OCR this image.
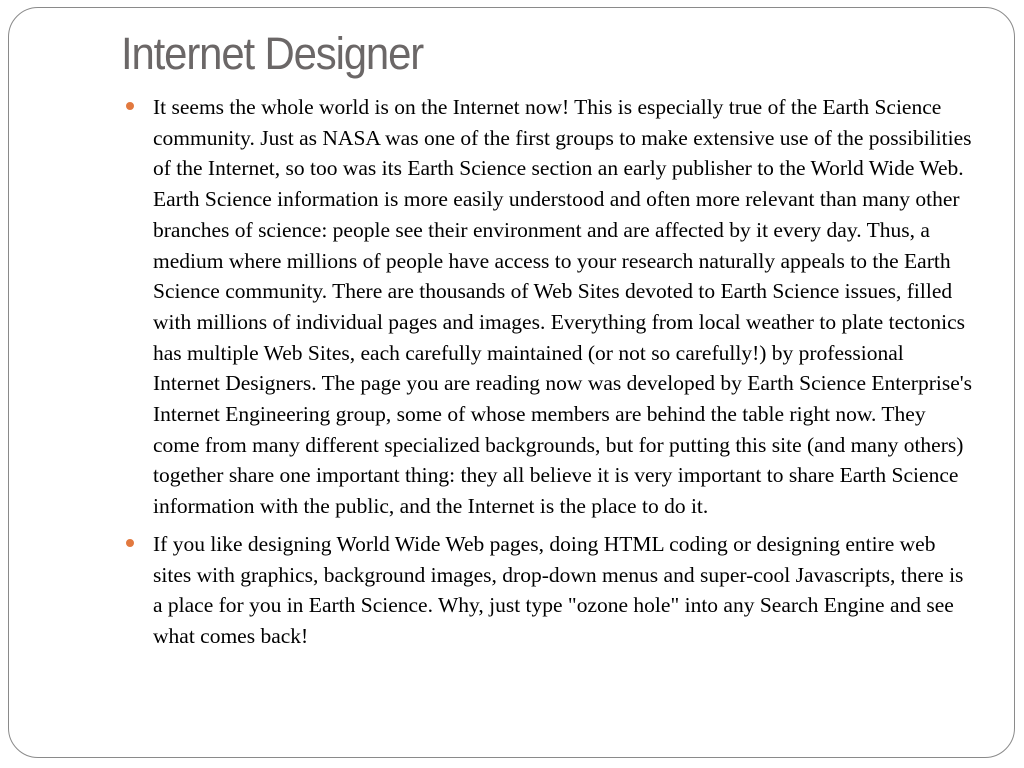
Internet Designer
It seems the whole world is on the Internet now! This is especially true of the Earth Science community. Just as NASA was one of the first groups to make extensive use of the possibilities of the Internet, so too was its Earth Science section an early publisher to the World Wide Web. Earth Science information is more easily understood and often more relevant than many other branches of science: people see their environment and are affected by it every day. Thus, a medium where millions of people have access to your research naturally appeals to the Earth Science community. There are thousands of Web Sites devoted to Earth Science issues, filled with millions of individual pages and images. Everything from local weather to plate tectonics has multiple Web Sites, each carefully maintained (or not so carefully!) by professional Internet Designers. The page you are reading now was developed by Earth Science Enterprise's Internet Engineering group, some of whose members are behind the table right now. They come from many different specialized backgrounds, but for putting this site (and many others) together share one important thing: they all believe it is very important to share Earth Science information with the public, and the Internet is the place to do it.
If you like designing World Wide Web pages, doing HTML coding or designing entire web sites with graphics, background images, drop-down menus and super-cool Javascripts, there is a place for you in Earth Science. Why, just type "ozone hole" into any Search Engine and see what comes back!
